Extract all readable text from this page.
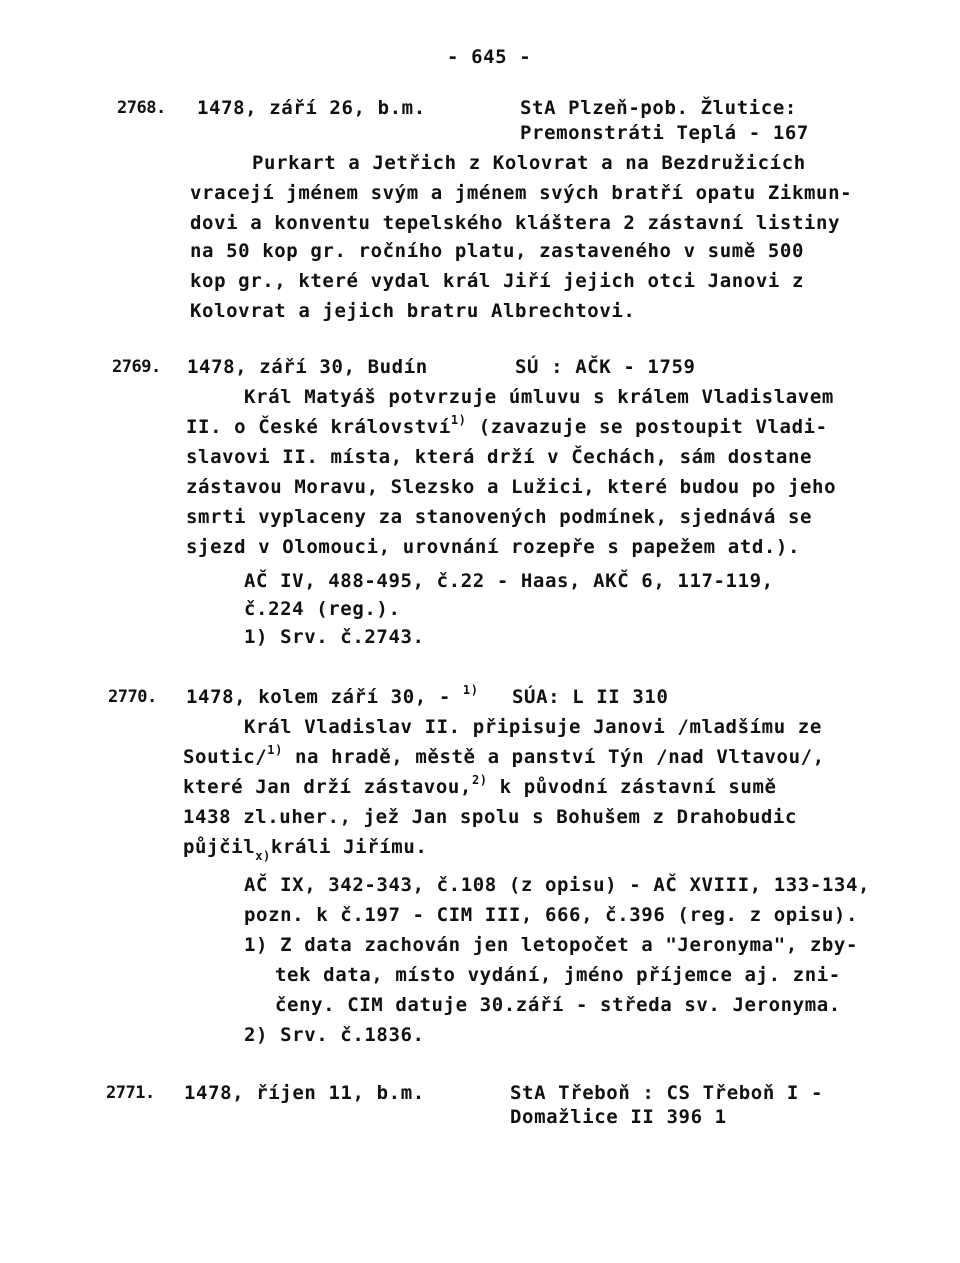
- 645 -
2768. 1478, září 26, b.m.	StA Plzeň-pob. Žlutice:
Premonstráti Teplá - 167
Purkart a Jetřich z Kolovrat a na Bezdružicích
vracejí jménem svým a jménem svých bratří opatu Zikmun-
dovi a konventu tepelského kláštera 2 zástavní listiny
na 50 kop gr. ročního platu, zastaveného v sumě 500
kop gr., které vydal král Jiří jejich otci Janovi z
Kolovrat a jejich bratru Albrechtovi.
2769. 1478, září 30, Budín	SÚ : AČK - 1759
Král Matyáš potvrzuje úmluvu s králem Vladislavem
II. o České království$^{1)}$ (zavazuje se postoupit Vladi-
slavovi II. místa, která drží v Čechách, sám dostane
zástavou Moravu, Slezsko a Lužici, které budou po jeho
smrti vyplaceny za stanovených podmínek, sjednává se
sjezd v Olomouci, urovnání rozepře s papežem atd.).
AČ IV, 488-495, č.22 - Haas, AKČ 6, 117-119,
č.224 (reg.).
1) Srv. č.2743.
2770. 1478, kolem září 30, - $^{1)}$ SÚA: L II 310
Král Vladislav II. připisuje Janovi /mladšímu ze
Soutic/$^{1)}$ na hradě, městě a panství Týn /nad Vltavou/,
které Jan drží zástavou,$^{2)}$ k původní zástavní sumě
1438 zl.uher., jež Jan spolu s Bohušem z Drahobudic
půjčil$_{x)}$králi Jiřímu.
AČ IX, 342-343, č.108 (z opisu) - AČ XVIII, 133-134,
pozn. k č.197 - CIM III, 666, č.396 (reg. z opisu).
1) Z data zachován jen letopočet a "Jeronyma", zby-
tek data, místo vydání, jméno příjemce aj. zni-
čeny. CIM datuje 30.září - středa sv. Jeronyma.
2) Srv. č.1836.
2771. 1478, říjen 11, b.m.	StA Třeboň : CS Třeboň I -
Domažlice II 396 1
